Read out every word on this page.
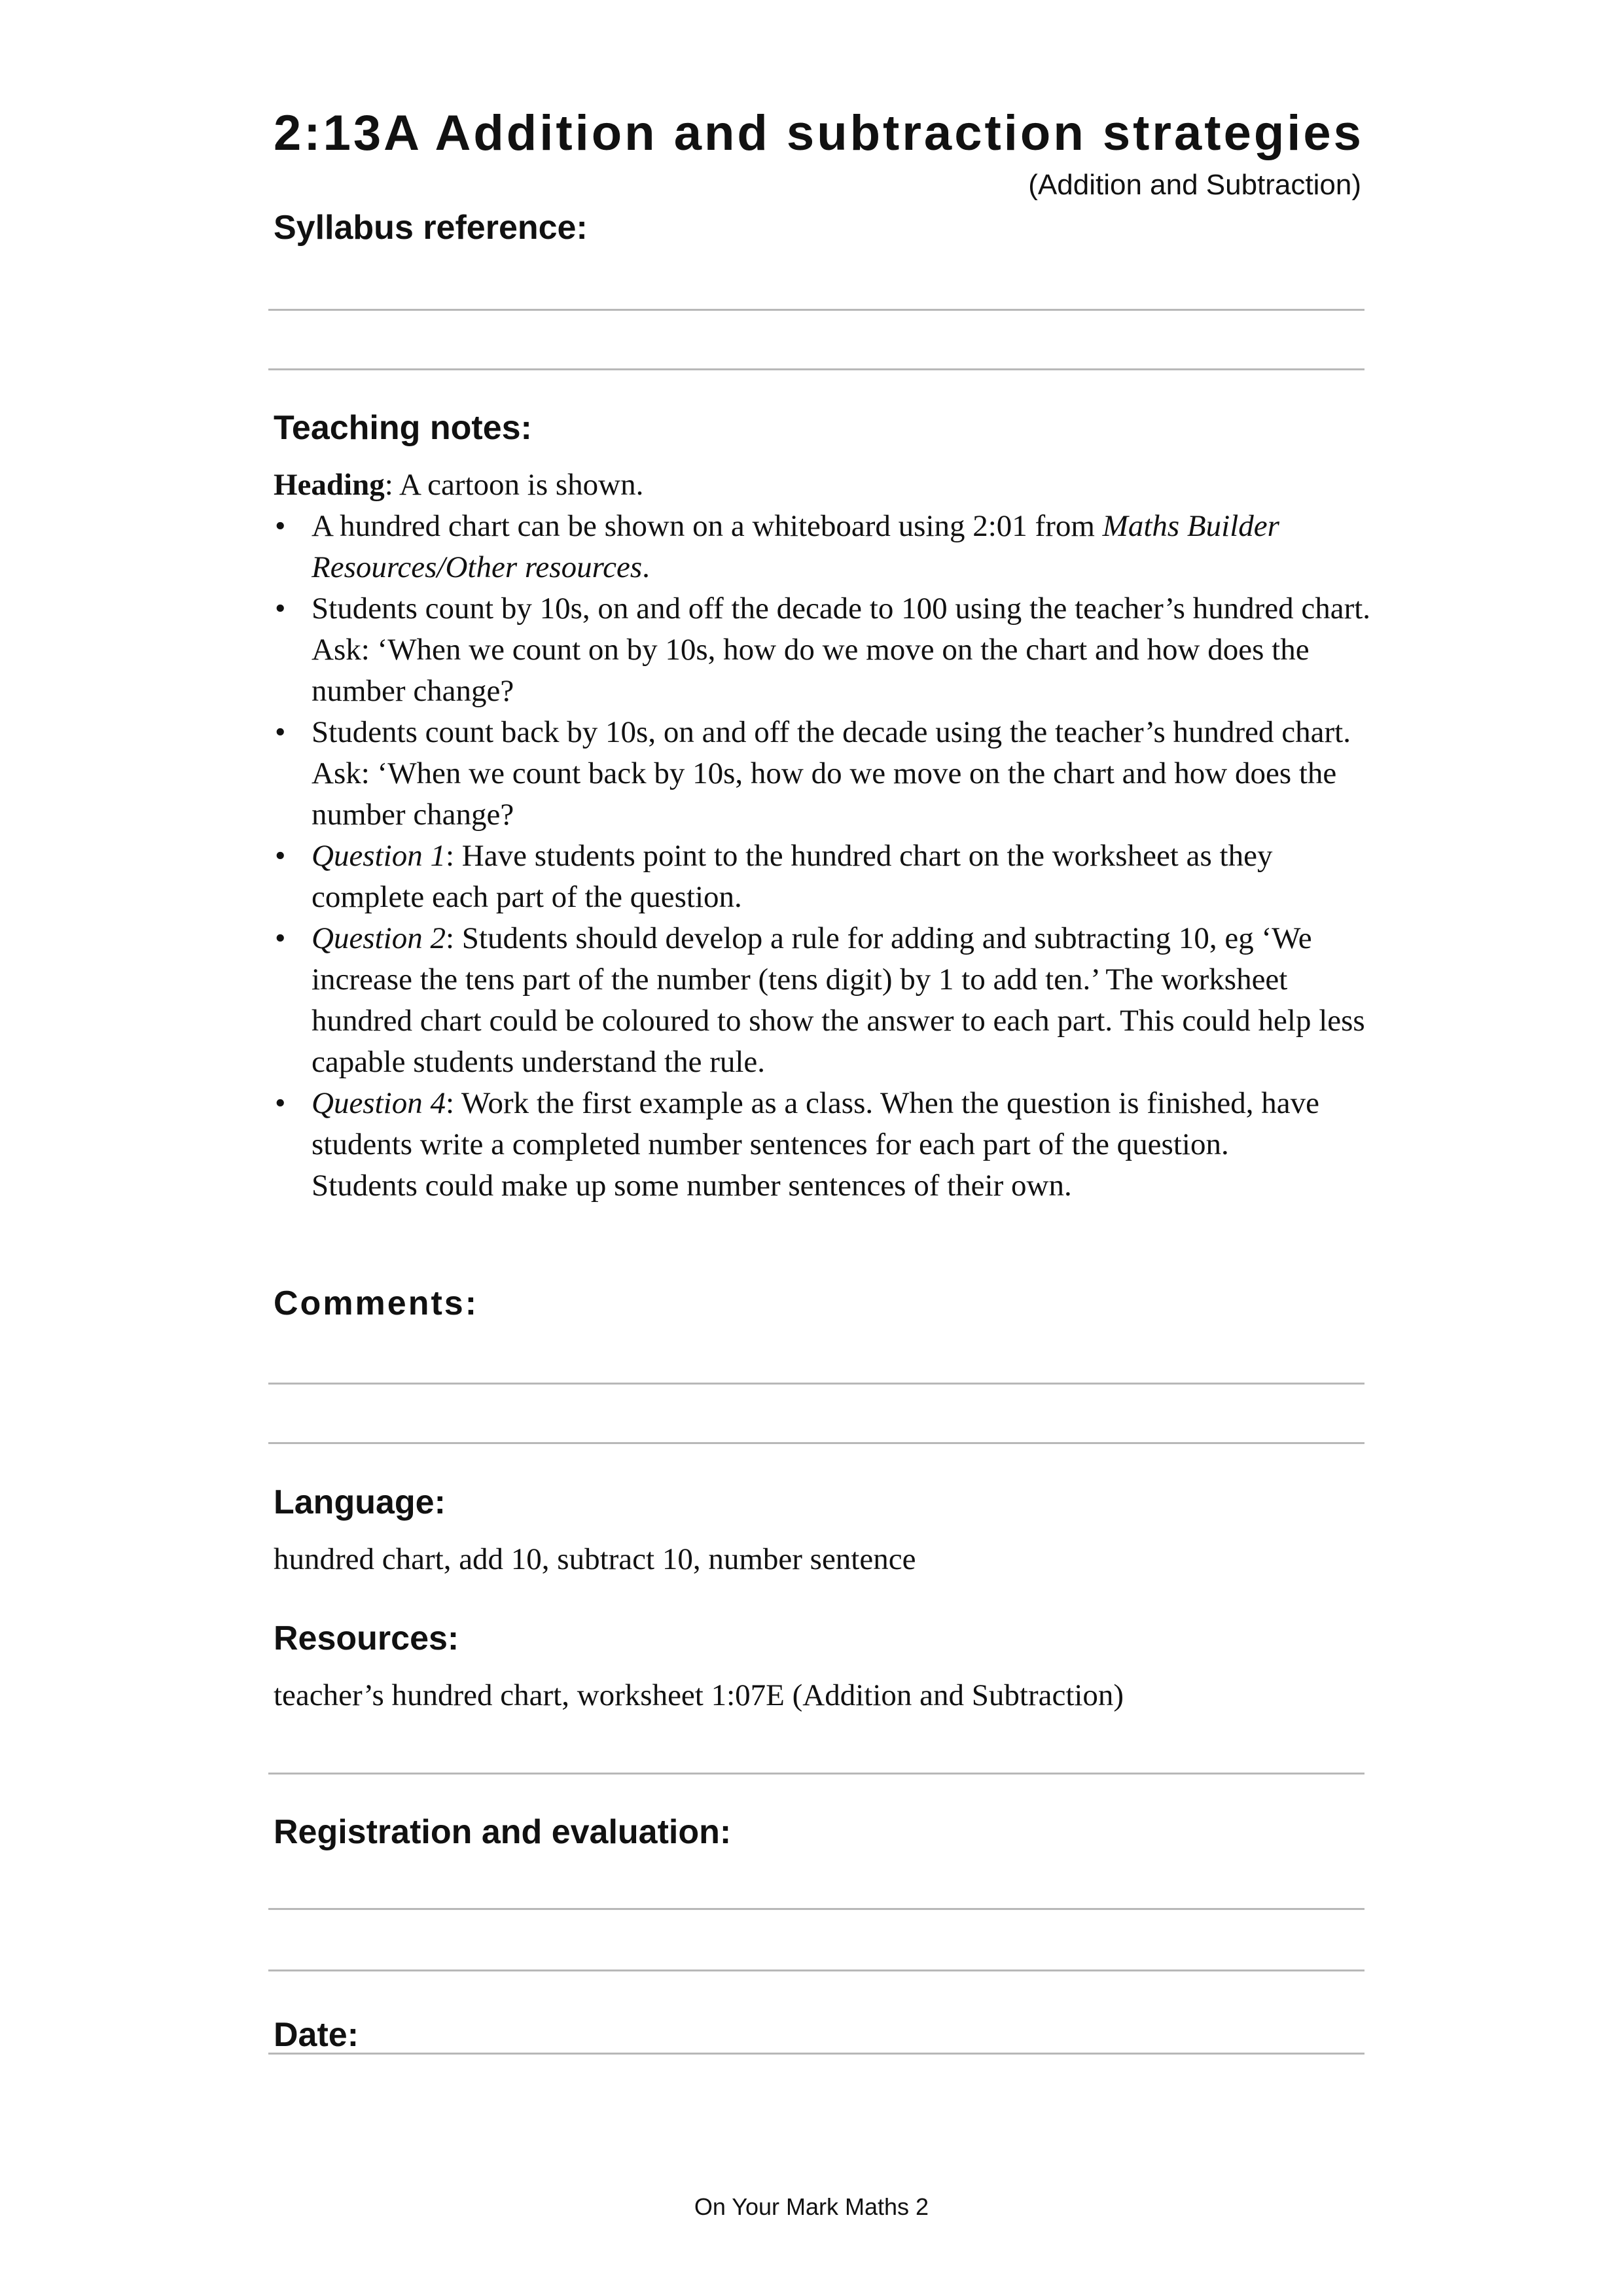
2:13A Addition and subtraction strategies

(Addition and Subtraction)

Syllabus reference:

Teaching notes:

Heading: A cartoon is shown.

• A hundred chart can be shown on a whiteboard using 2:01 from Maths Builder Resources/Other resources.
• Students count by 10s, on and off the decade to 100 using the teacher’s hundred chart. Ask: ‘When we count on by 10s, how do we move on the chart and how does the number change?
• Students count back by 10s, on and off the decade using the teacher’s hundred chart. Ask: ‘When we count back by 10s, how do we move on the chart and how does the number change?
• Question 1: Have students point to the hundred chart on the worksheet as they complete each part of the question.
• Question 2: Students should develop a rule for adding and subtracting 10, eg ‘We increase the tens part of the number (tens digit) by 1 to add ten.’ The worksheet hundred chart could be coloured to show the answer to each part. This could help less capable students understand the rule.
• Question 4: Work the first example as a class. When the question is finished, have students write a completed number sentences for each part of the question.

Students could make up some number sentences of their own.

Comments:

Language:

hundred chart, add 10, subtract 10, number sentence

Resources:

teacher’s hundred chart, worksheet 1:07E (Addition and Subtraction)

Registration and evaluation:

Date:

On Your Mark Maths 2
